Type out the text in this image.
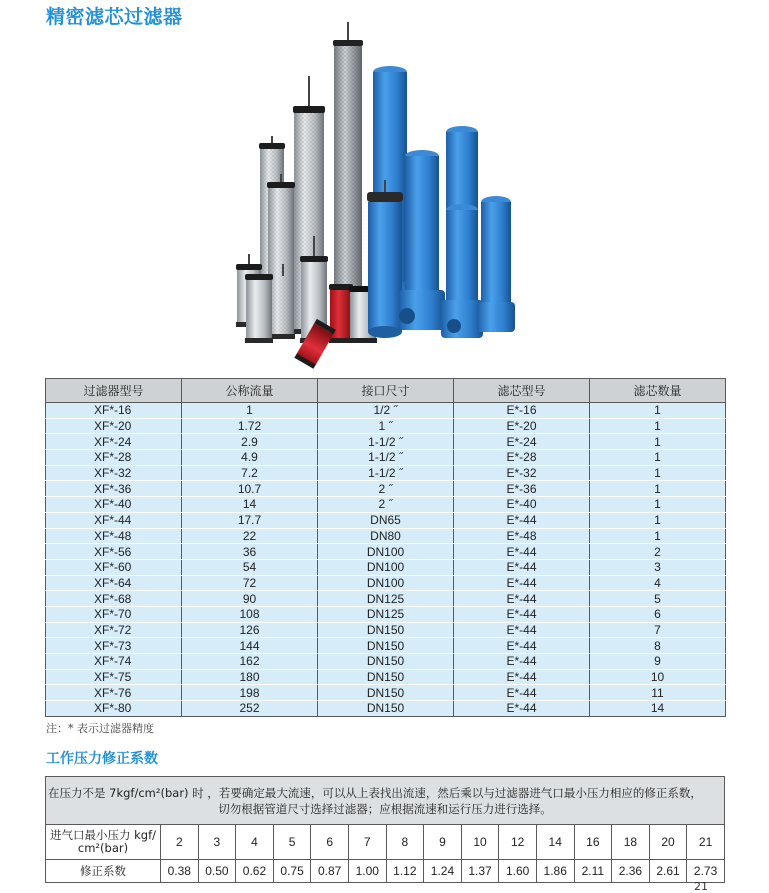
精密滤芯过滤器
过滤器型号	公称流量	接口尺寸	滤芯型号	滤芯数量
XF*-16	1	1/2 ˝	E*-16	1
XF*-20	1.72	1 ˝	E*-20	1
XF*-24	2.9	1-1/2 ˝	E*-24	1
XF*-28	4.9	1-1/2 ˝	E*-28	1
XF*-32	7.2	1-1/2 ˝	E*-32	1
XF*-36	10.7	2 ˝	E*-36	1
XF*-40	14	2 ˝	E*-40	1
XF*-44	17.7	DN65	E*-44	1
XF*-48	22	DN80	E*-48	1
XF*-56	36	DN100	E*-44	2
XF*-60	54	DN100	E*-44	3
XF*-64	72	DN100	E*-44	4
XF*-68	90	DN125	E*-44	5
XF*-70	108	DN125	E*-44	6
XF*-72	126	DN150	E*-44	7
XF*-73	144	DN150	E*-44	8
XF*-74	162	DN150	E*-44	9
XF*-75	180	DN150	E*-44	10
XF*-76	198	DN150	E*-44	11
XF*-80	252	DN150	E*-44	14
注：* 表示过滤器精度
工作压力修正系数
在压力不是 7kgf/cm²(bar) 时 ，若要确定最大流速，可以从上表找出流速，然后乘以与过滤器进气口最小压力相应的修正系数，
切勿根据管道尺寸选择过滤器；应根据流速和运行压力进行选择。															

进气口最小压力 kgf/
cm²(bar)	2	3	4	5	6	7	8	9	10	12	14	16	18	20	21
修正系数	0.38	0.50	0.62	0.75	0.87	1.00	1.12	1.24	1.37	1.60	1.86	2.11	2.36	2.61	2.73
21
